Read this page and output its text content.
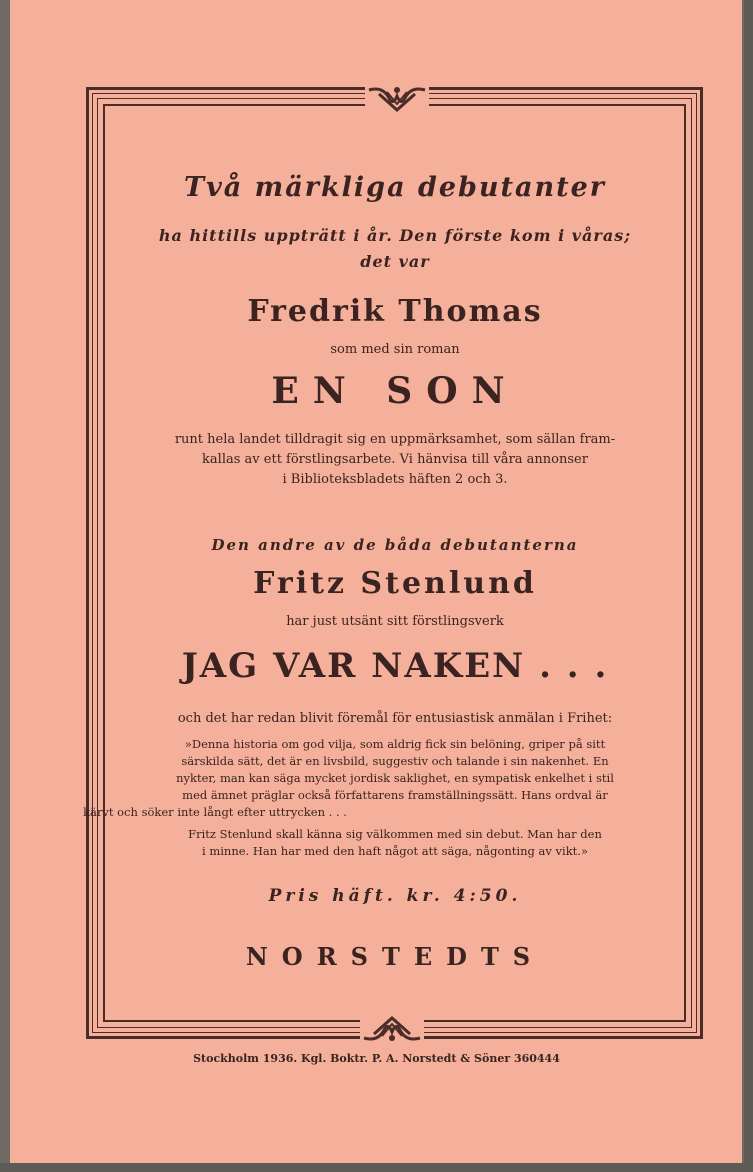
Två märkliga debutanter
ha hittills uppträtt i år. Den förste kom i våras;
det var
Fredrik Thomas
som med sin roman
EN SON
runt hela landet tilldragit sig en uppmärksamhet, som sällan fram-
kallas av ett förstlingsarbete. Vi hänvisa till våra annonser
i Biblioteksbladets häften 2 och 3.
Den andre av de båda debutanterna
Fritz Stenlund
har just utsänt sitt förstlingsverk
JAG VAR NAKEN . . .
och det har redan blivit föremål för entusiastisk anmälan i Frihet:
»Denna historia om god vilja, som aldrig fick sin belöning, griper på sitt
särskilda sätt, det är en livsbild, suggestiv och talande i sin nakenhet. En
nykter, man kan säga mycket jordisk saklighet, en sympatisk enkelhet i stil
med ämnet präglar också författarens framställningssätt. Hans ordval är
kärvt och söker inte långt efter uttrycken . . .
Fritz Stenlund skall känna sig välkommen med sin debut. Man har den
i minne. Han har med den haft något att säga, någonting av vikt.»
Pris häft. kr. 4:50.
NORSTEDTS
Stockholm 1936. Kgl. Boktr. P. A. Norstedt & Söner 360444
